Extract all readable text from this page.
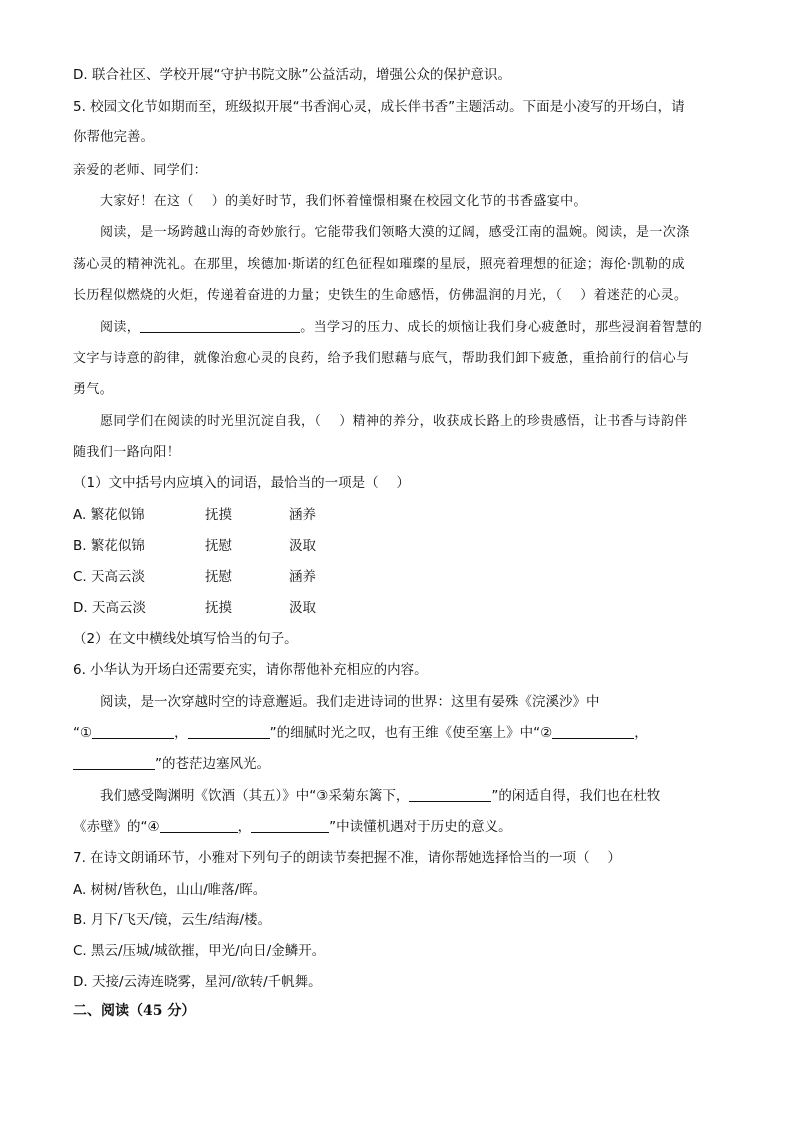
D. 联合社区、学校开展“守护书院文脉”公益活动，增强公众的保护意识。
5. 校园文化节如期而至，班级拟开展“书香润心灵，成长伴书香”主题活动。下面是小凌写的开场白，请
你帮他完善。
亲爱的老师、同学们：
大家好！在这（　 ）的美好时节，我们怀着憧憬相聚在校园文化节的书香盛宴中。
阅读，是一场跨越山海的奇妙旅行。它能带我们领略大漠的辽阔，感受江南的温婉。阅读，是一次涤
荡心灵的精神洗礼。在那里，埃德加·斯诺的红色征程如璀璨的星辰，照亮着理想的征途；海伦·凯勒的成
长历程似燃烧的火炬，传递着奋进的力量；史铁生的生命感悟，仿佛温润的月光，（　 ）着迷茫的心灵。
阅读，	。当学习的压力、成长的烦恼让我们身心疲惫时，那些浸润着智慧的
文字与诗意的韵律，就像治愈心灵的良药，给予我们慰藉与底气，帮助我们卸下疲惫，重拾前行的信心与
勇气。
愿同学们在阅读的时光里沉淀自我，（　 ）精神的养分，收获成长路上的珍贵感悟，让书香与诗韵伴
随我们一路向阳！
（1）文中括号内应填入的词语，最恰当的一项是（　 ）
A. 繁花似锦	抚摸	涵养
B. 繁花似锦	抚慰	汲取
C. 天高云淡	抚慰	涵养
D. 天高云淡	抚摸	汲取
（2）在文中横线处填写恰当的句子。
6. 小华认为开场白还需要充实，请你帮他补充相应的内容。
阅读，是一次穿越时空的诗意邂逅。我们走进诗词的世界：这里有晏殊《浣溪沙》中
“①	，	”的细腻时光之叹，也有王维《使至塞上》中“②	，
”的苍茫边塞风光。
我们感受陶渊明《饮酒（其五）》中“③采菊东篱下，	”的闲适自得，我们也在杜牧
《赤壁》的“④	，	”中读懂机遇对于历史的意义。
7. 在诗文朗诵环节，小雅对下列句子的朗读节奏把握不准，请你帮她选择恰当的一项（　 ）
A. 树树/皆秋色，山山/唯落/晖。
B. 月下/飞天/镜，云生/结海/楼。
C. 黑云/压城/城欲摧，甲光/向日/金鳞开。
D. 天接/云涛连晓雾，星河/欲转/千帆舞。
二、阅读（45 分）
